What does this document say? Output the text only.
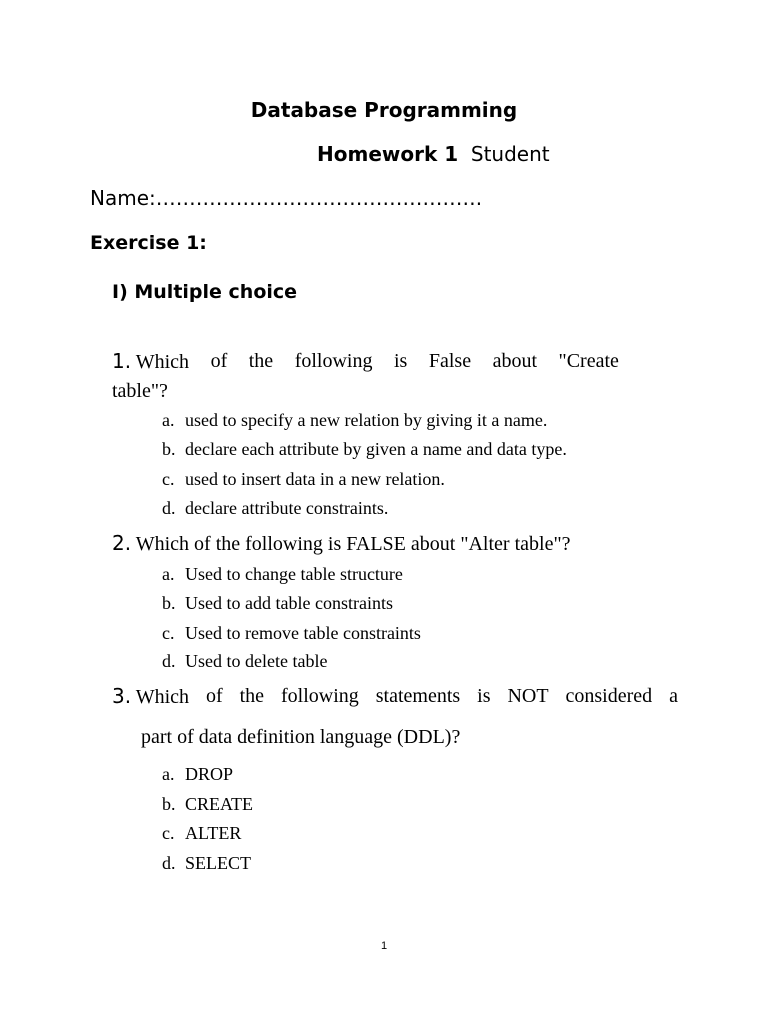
Database Programming
Homework 1 Student
Name:………………………………………….
Exercise 1:
I) Multiple choice
1. Which of the following is False about "Create
table"?
a. used to specify a new relation by giving it a name.
b. declare each attribute by given a name and data type.
c. used to insert data in a new relation.
d. declare attribute constraints.
2. Which of the following is FALSE about "Alter table"?
a. Used to change table structure
b. Used to add table constraints
c. Used to remove table constraints
d. Used to delete table
3. Which of the following statements is NOT considered a
part of data definition language (DDL)?
a. DROP
b. CREATE
c. ALTER
d. SELECT
1
